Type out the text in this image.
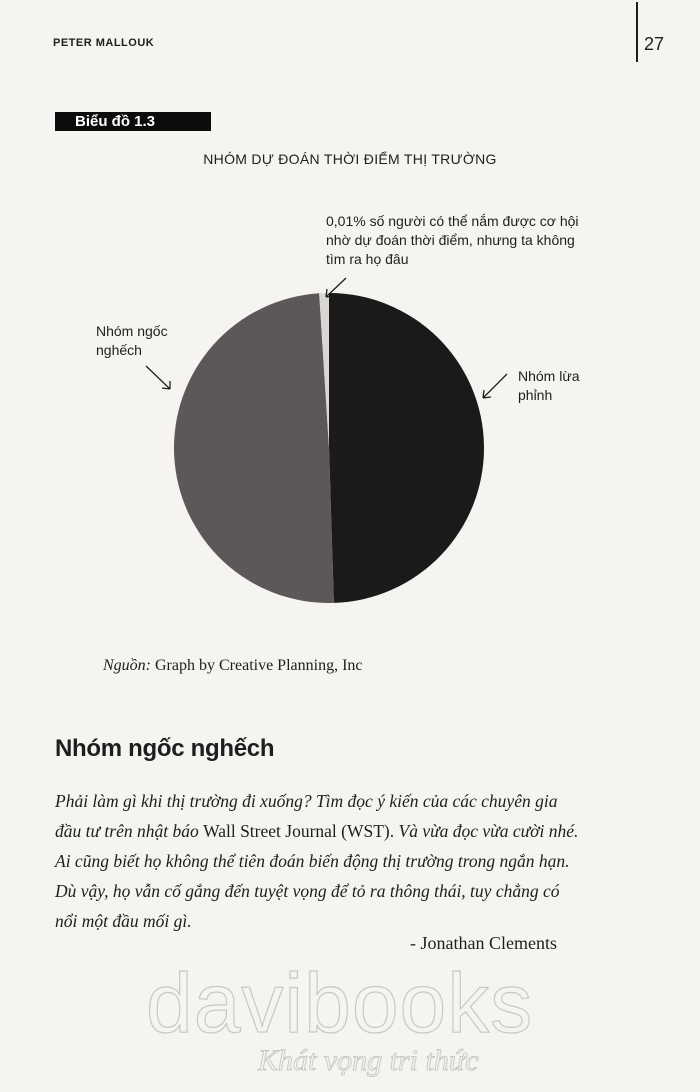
PETER MALLOUK	27
Biểu đồ 1.3
NHÓM DỰ ĐOÁN THỜI ĐIỂM THỊ TRƯỜNG
0,01% số người có thể nắm được cơ hội
nhờ dự đoán thời điểm, nhưng ta không
tìm ra họ đâu
Nhóm ngốc
nghếch
Nhóm lừa
phỉnh
Nguồn: Graph by Creative Planning, Inc
Nhóm ngốc nghếch

Phải làm gì khi thị trường đi xuống? Tìm đọc ý kiến của các chuyên gia
đầu tư trên nhật báo Wall Street Journal (WST). Và vừa đọc vừa cười nhé.
Ai cũng biết họ không thể tiên đoán biến động thị trường trong ngắn hạn.
Dù vậy, họ vẫn cố gắng đến tuyệt vọng để tỏ ra thông thái, tuy chẳng có
nổi một đầu mối gì.

- Jonathan Clements
davibooks
Khát vọng tri thức
